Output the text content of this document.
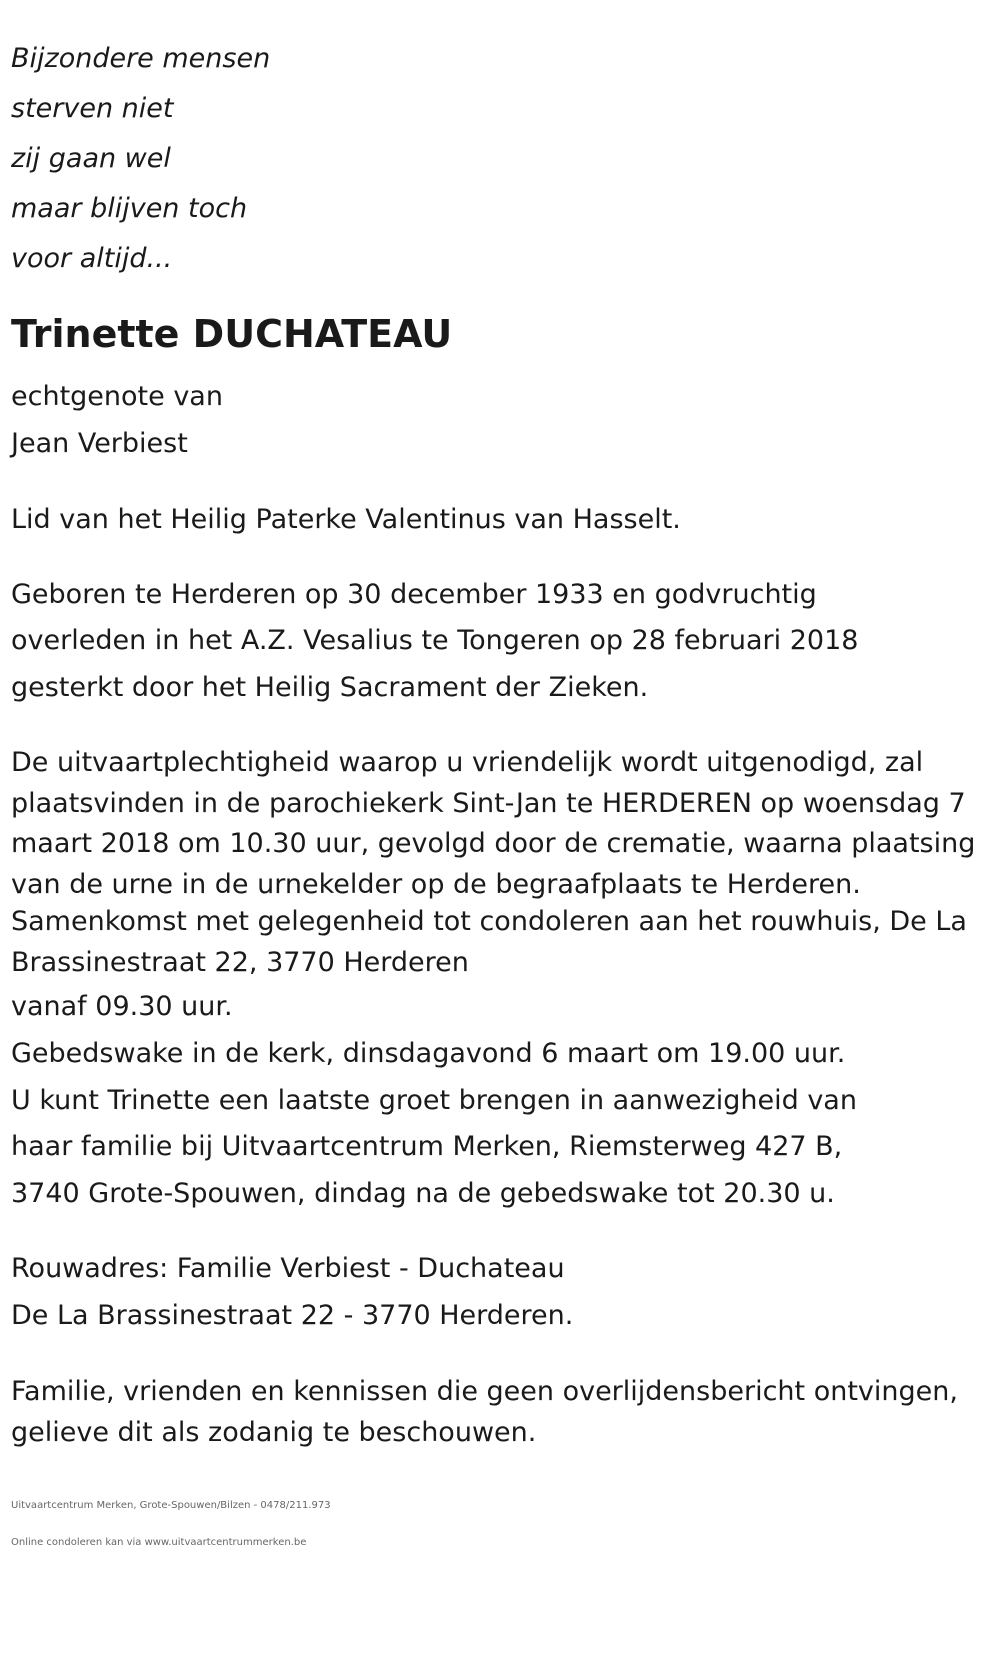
Bijzondere mensen
sterven niet
zij gaan wel
maar blijven toch
voor altijd...
Trinette DUCHATEAU
echtgenote van
Jean Verbiest
Lid van het Heilig Paterke Valentinus van Hasselt.
Geboren te Herderen op 30 december 1933 en godvruchtig
overleden in het A.Z. Vesalius te Tongeren op 28 februari 2018
gesterkt door het Heilig Sacrament der Zieken.
De uitvaartplechtigheid waarop u vriendelijk wordt uitgenodigd, zal plaatsvinden in de parochiekerk Sint-Jan te HERDEREN op woensdag 7 maart 2018 om 10.30 uur, gevolgd door de crematie, waarna plaatsing van de urne in de urnekelder op de begraafplaats te Herderen.
Samenkomst met gelegenheid tot condoleren aan het rouwhuis, De La Brassinestraat 22, 3770 Herderen
vanaf 09.30 uur.
Gebedswake in de kerk, dinsdagavond 6 maart om 19.00 uur.
U kunt Trinette een laatste groet brengen in aanwezigheid van
haar familie bij Uitvaartcentrum Merken, Riemsterweg 427 B,
3740 Grote-Spouwen, dindag na de gebedswake tot 20.30 u.
Rouwadres: Familie Verbiest - Duchateau
De La Brassinestraat 22 - 3770 Herderen.
Familie, vrienden en kennissen die geen overlijdensbericht ontvingen, gelieve dit als zodanig te beschouwen.
Uitvaartcentrum Merken, Grote-Spouwen/Bilzen - 0478/211.973
Online condoleren kan via www.uitvaartcentrummerken.be
